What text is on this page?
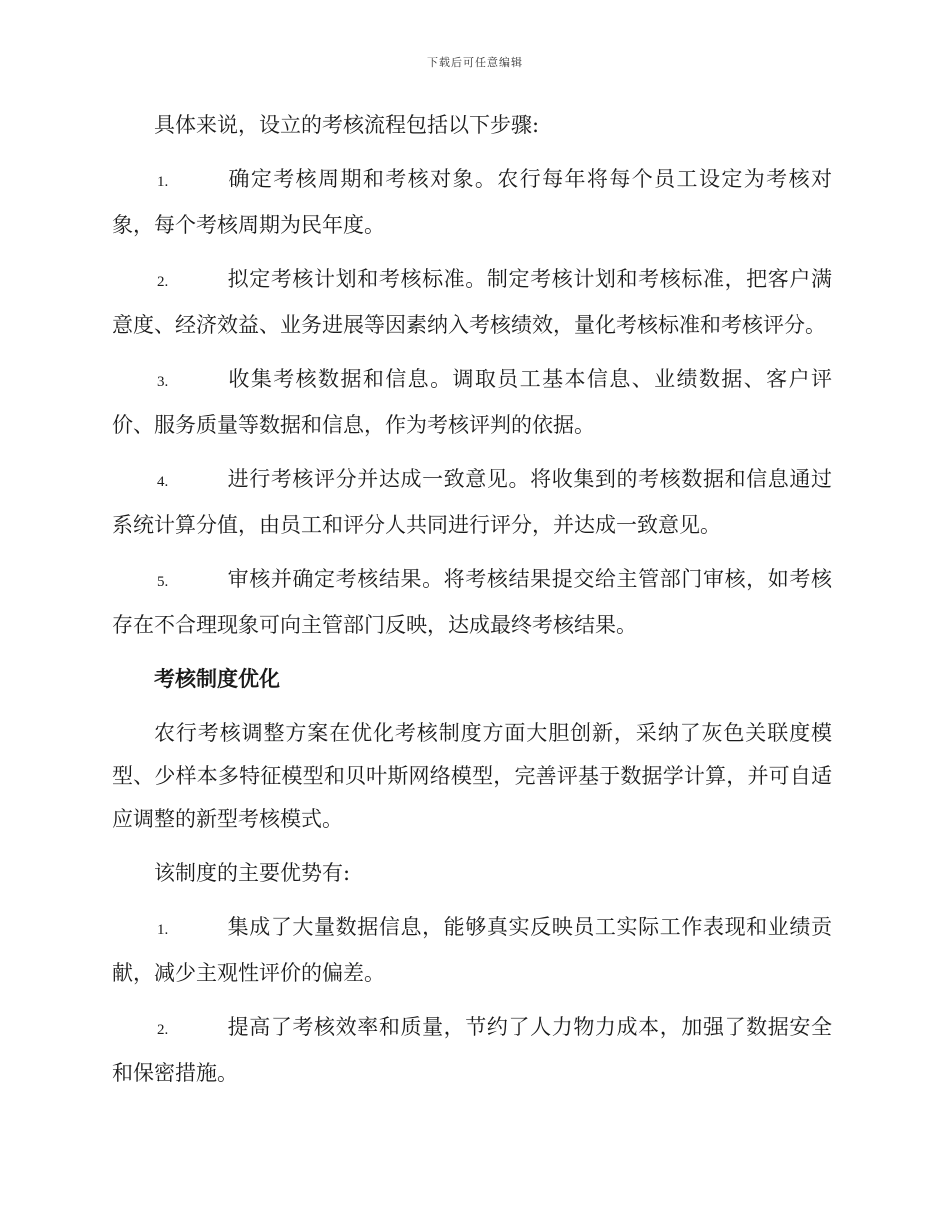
下载后可任意编辑

具体来说，设立的考核流程包括以下步骤:

1.	确定考核周期和考核对象。农行每年将每个员工设定为考核对象，每个考核周期为民年度。

2.	拟定考核计划和考核标准。制定考核计划和考核标准，把客户满意度、经济效益、业务进展等因素纳入考核绩效，量化考核标准和考核评分。

3.	收集考核数据和信息。调取员工基本信息、业绩数据、客户评价、服务质量等数据和信息，作为考核评判的依据。

4.	进行考核评分并达成一致意见。将收集到的考核数据和信息通过系统计算分值，由员工和评分人共同进行评分，并达成一致意见。

5.	审核并确定考核结果。将考核结果提交给主管部门审核，如考核存在不合理现象可向主管部门反映，达成最终考核结果。

考核制度优化

农行考核调整方案在优化考核制度方面大胆创新，采纳了灰色关联度模型、少样本多特征模型和贝叶斯网络模型，完善评基于数据学计算，并可自适应调整的新型考核模式。

该制度的主要优势有:

1.	集成了大量数据信息，能够真实反映员工实际工作表现和业绩贡献，减少主观性评价的偏差。

2.	提高了考核效率和质量，节约了人力物力成本，加强了数据安全和保密措施。
